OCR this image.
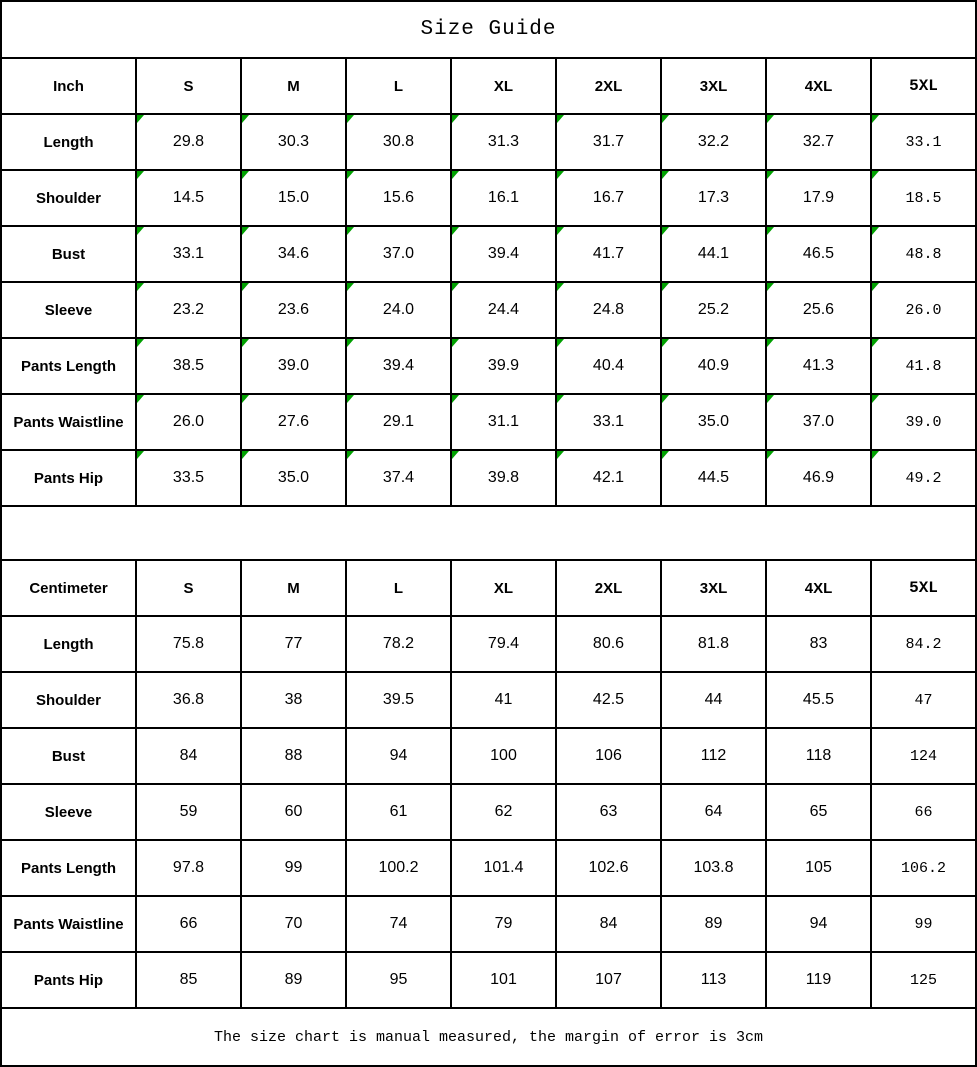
Size Guide
Inch	S	M	L	XL	2XL	3XL	4XL	5XL
Length	29.8	30.3	30.8	31.3	31.7	32.2	32.7	33.1
Shoulder	14.5	15.0	15.6	16.1	16.7	17.3	17.9	18.5
Bust	33.1	34.6	37.0	39.4	41.7	44.1	46.5	48.8
Sleeve	23.2	23.6	24.0	24.4	24.8	25.2	25.6	26.0
Pants Length	38.5	39.0	39.4	39.9	40.4	40.9	41.3	41.8
Pants Waistline	26.0	27.6	29.1	31.1	33.1	35.0	37.0	39.0
Pants Hip	33.5	35.0	37.4	39.8	42.1	44.5	46.9	49.2
Centimeter	S	M	L	XL	2XL	3XL	4XL	5XL
Length	75.8	77	78.2	79.4	80.6	81.8	83	84.2
Shoulder	36.8	38	39.5	41	42.5	44	45.5	47
Bust	84	88	94	100	106	112	118	124
Sleeve	59	60	61	62	63	64	65	66
Pants Length	97.8	99	100.2	101.4	102.6	103.8	105	106.2
Pants Waistline	66	70	74	79	84	89	94	99
Pants Hip	85	89	95	101	107	113	119	125
The size chart is manual measured, the margin of error is 3cm
